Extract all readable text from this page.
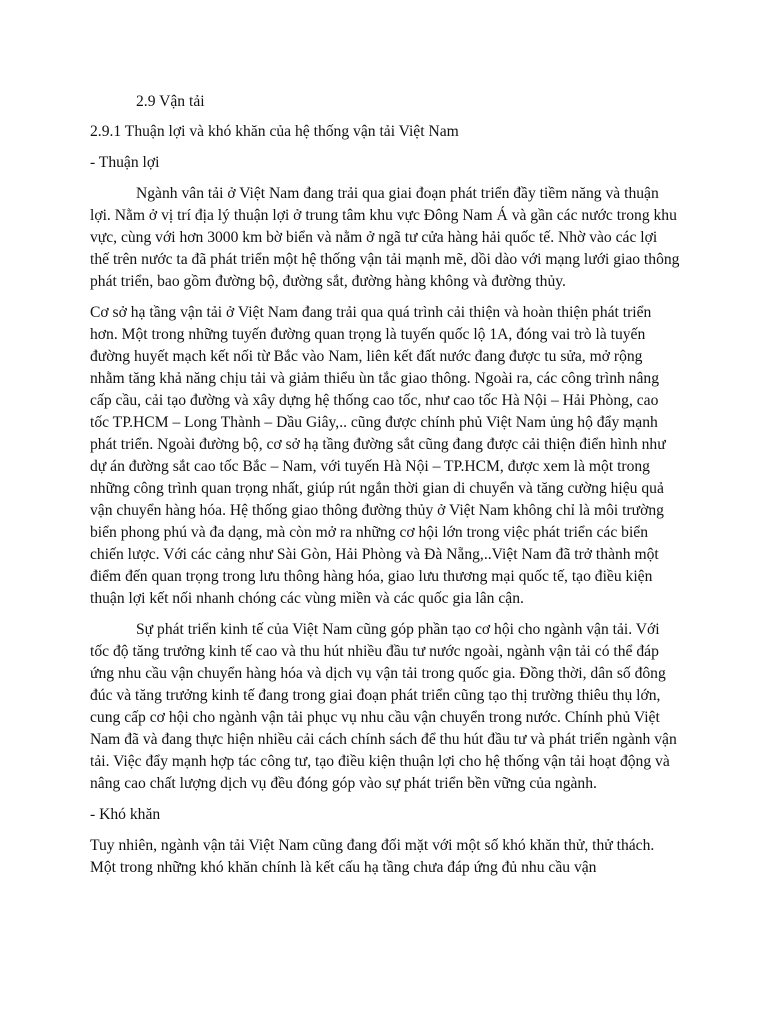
2.9 Vận tải

2.9.1 Thuận lợi và khó khăn của hệ thống vận tải Việt Nam

- Thuận lợi

Ngành vân tải ở Việt Nam đang trải qua giai đoạn phát triển đầy tiềm năng và thuận lợi. Nằm ở vị trí địa lý thuận lợi ở trung tâm khu vực Đông Nam Á và gần các nước trong khu vực, cùng với hơn 3000 km bờ biển và nằm ở ngã tư cửa hàng hải quốc tế. Nhờ vào các lợi thế trên nước ta đã phát triển một hệ thống vận tải mạnh mẽ, dồi dào với mạng lưới giao thông phát triển, bao gồm đường bộ, đường sắt, đường hàng không và đường thủy.

Cơ sở hạ tầng vận tải ở Việt Nam đang trải qua quá trình cải thiện và hoàn thiện phát triển hơn. Một trong những tuyến đường quan trọng là tuyến quốc lộ 1A, đóng vai trò là tuyến đường huyết mạch kết nối từ Bắc vào Nam, liên kết đất nước đang được tu sửa, mở rộng nhằm tăng khả năng chịu tải và giảm thiểu ùn tắc giao thông. Ngoài ra, các công trình nâng cấp cầu, cải tạo đường và xây dựng hệ thống cao tốc, như cao tốc Hà Nội – Hải Phòng, cao tốc TP.HCM – Long Thành – Dầu Giây,.. cũng được chính phủ Việt Nam ủng hộ đẩy mạnh phát triển. Ngoài đường bộ, cơ sở hạ tầng đường sắt cũng đang được cải thiện điển hình như dự án đường sắt cao tốc Bắc – Nam, với tuyến Hà Nội – TP.HCM, được xem là một trong những công trình quan trọng nhất, giúp rút ngắn thời gian di chuyển và tăng cường hiệu quả vận chuyển hàng hóa. Hệ thống giao thông đường thủy ở Việt Nam không chỉ là môi trường biển phong phú và đa dạng, mà còn mở ra những cơ hội lớn trong việc phát triển các biển chiến lược. Với các cảng như Sài Gòn, Hải Phòng và Đà Nẵng,..Việt Nam đã trở thành một điểm đến quan trọng trong lưu thông hàng hóa, giao lưu thương mại quốc tế, tạo điều kiện thuận lợi kết nối nhanh chóng các vùng miền và các quốc gia lân cận.

Sự phát triển kinh tế của Việt Nam cũng góp phần tạo cơ hội cho ngành vận tải. Với tốc độ tăng trưởng kinh tế cao và thu hút nhiều đầu tư nước ngoài, ngành vận tải có thể đáp ứng nhu cầu vận chuyển hàng hóa và dịch vụ vận tải trong quốc gia. Đồng thời, dân số đông đúc và tăng trưởng kinh tế đang trong giai đoạn phát triển cũng tạo thị trường thiêu thụ lớn, cung cấp cơ hội cho ngành vận tải phục vụ nhu cầu vận chuyển trong nước. Chính phủ Việt Nam đã và đang thực hiện nhiều cải cách chính sách để thu hút đầu tư và phát triển ngành vận tải. Việc đẩy mạnh hợp tác công tư, tạo điều kiện thuận lợi cho hệ thống vận tải hoạt động và nâng cao chất lượng dịch vụ đều đóng góp vào sự phát triển bền vững của ngành.

- Khó khăn

Tuy nhiên, ngành vận tải Việt Nam cũng đang đối mặt với một số khó khăn thử, thử thách. Một trong những khó khăn chính là kết cấu hạ tầng chưa đáp ứng đủ nhu cầu vận
